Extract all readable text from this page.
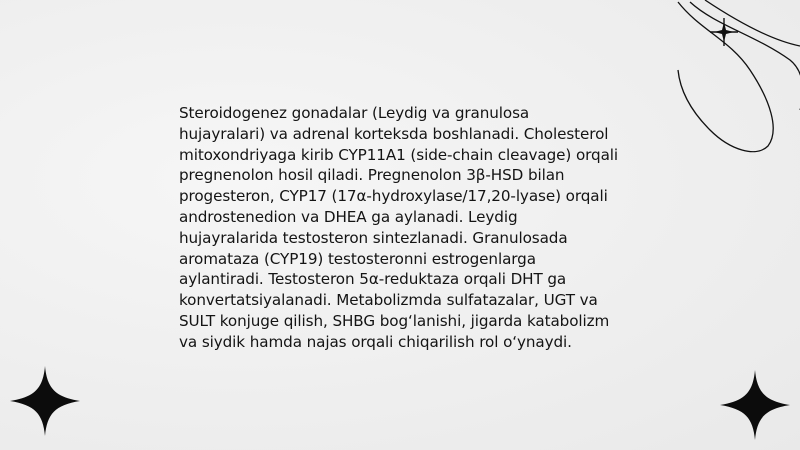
Steroidogenez gonadalar (Leydig va granulosa hujayralari) va adrenal korteksda boshlanadi. Cholesterol mitoxondriyaga kirib CYP11A1 (side-chain cleavage) orqali pregnenolon hosil qiladi. Pregnenolon 3β-HSD bilan progesteron, CYP17 (17α-hydroxylase/17,20-lyase) orqali androstenedion va DHEA ga aylanadi. Leydig hujayralarida testosteron sintezlanadi. Granulosada aromataza (CYP19) testosteronni estrogenlarga aylantiradi. Testosteron 5α-reduktaza orqali DHT ga konvertatsiyalanadi. Metabolizmda sulfatazalar, UGT va SULT konjuge qilish, SHBG bog‘lanishi, jigarda katabolizm va siydik hamda najas orqali chiqarilish rol o‘ynaydi.
